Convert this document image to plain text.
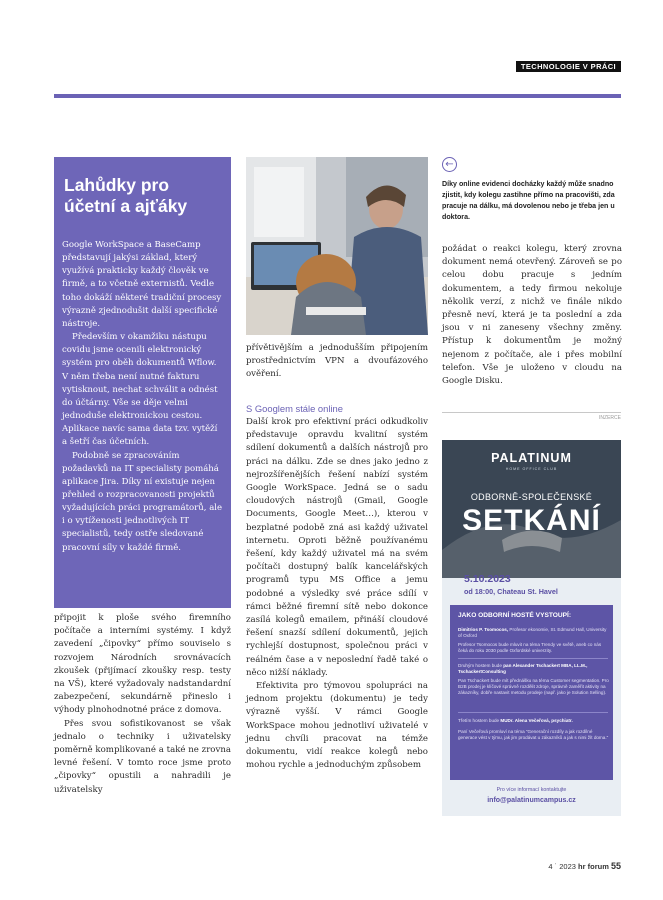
TECHNOLOGIE V PRÁCI
Lahůdky pro účetní a ajťáky

Google WorkSpace a BaseCamp představují jakýsi základ, který využívá prakticky každý člověk ve firmě, a to včetně externistů. Vedle toho dokáží některé tradiční procesy výrazně zjednodušit další specifické nástroje.

Především v okamžiku nástupu covidu jsme ocenili elektronický systém pro oběh dokumentů Wflow. V něm třeba není nutné fakturu vytisknout, nechat schválit a odnést do účtárny. Vše se děje velmi jednoduše elektronickou cestou. Aplikace navíc sama data tzv. vytěží a šetří čas účetních.

Podobně se zpracováním požadavků na IT specialisty pomáhá aplikace Jira. Díky ní existuje nejen přehled o rozpracovanosti projektů vyžadujících práci programátorů, ale i o vytíženosti jednotlivých IT specialistů, tedy ostře sledované pracovní síly v každé firmě.

←
Díky online evidenci docházky každý může snadno zjistit, kdy kolegu zastihne přímo na pracovišti, zda pracuje na dálku, má dovolenou nebo je třeba jen u doktora.

připojit k ploše svého firemního počítače a interními systémy. I když zavedení „čipovky“ přímo souviselo s rozvojem Národních srovnávacích zkoušek (přijímací zkoušky resp. testy na VŠ), které vyžadovaly nadstandardní zabezpečení, sekundárně přineslo i výhody plnohodnotné práce z domova.

Přes svou sofistikovanost se však jednalo o techniky i uživatelsky poměrně komplikované a také ne zrovna levné řešení. V tomto roce jsme proto „čipovky“ opustili a nahradili je uživatelsky

přívětivějším a jednodušším připojením prostřednictvím VPN a dvoufázového ověření.

S Googlem stále online

Další krok pro efektivní práci odkudkoliv představuje opravdu kvalitní systém sdílení dokumentů a dalších nástrojů pro práci na dálku. Zde se dnes jako jedno z nejrozšířenějších řešení nabízí systém Google WorkSpace. Jedná se o sadu cloudových nástrojů (Gmail, Google Documents, Google Meet…), kterou v bezplatné podobě zná asi každý uživatel internetu. Oproti běžně používanému řešení, kdy každý uživatel má na svém počítači dostupný balík kancelářských programů typu MS Office a jemu podobné a výsledky své práce sdílí v rámci běžné firemní sítě nebo dokonce zasílá kolegů emailem, přináší cloudové řešení snazší sdílení dokumentů, jejich rychlejší dostupnost, společnou práci v reálném čase a v neposlední řadě také o něco nižší náklady.

Efektivita pro týmovou spolupráci na jednom projektu (dokumentu) je tedy výrazně vyšší. V rámci Google WorkSpace mohou jednotliví uživatelé v jednu chvíli pracovat na témže dokumentu, vidí reakce kolegů nebo mohou rychle a jednoduchým způsobem

požádat o reakci kolegu, který zrovna dokument nemá otevřený. Zároveň se po celou dobu pracuje s jedním dokumentem, a tedy firmou nekoluje několik verzí, z nichž ve finále nikdo přesně neví, která je ta poslední a zda jsou v ni zaneseny všechny změny. Přístup k dokumentům je možný nejenom z počítače, ale i přes mobilní telefon. Vše je uloženo v cloudu na Google Disku.

INZERCE
PALATINUM
HOME OFFICE CLUB
ODBORNĚ-SPOLEČENSKÉ
SETKÁNÍ
5.10.2023
od 18:00, Chateau St. Havel
JAKO ODBORNÍ HOSTÉ VYSTOUPÍ:
Dimitrios P. Tsomocos, Profesor ekonomie, St. Edmund Hall, University of Oxford
Profesor Tsomocos bude mluvit na téma Trendy ve světě, aneb co nás čeká do roku 2030 podle Oxfordské univerzity.
Druhým hostem bude pan Alexander Tschackert MBA, LL.M., TschackertConsulting
Pan Tschackert bude mít přednášku na téma Customer segmentation. Pro B2B prodej je klíčové správně rozdělit zdroje, správně zaměřit aktivity na zákazníky, dobře nastavit metodu prodeje (např. jako je Solution Selling).
Třetím hostem bude MUDr. Alena Večeřová, psychiatr.
Paní Večeřová promluví na téma "Generační rozdíly a jak rozdílné generace vést v týmu, jak jim prodávat u zákazníků a jak s nimi žít doma."
Pro více informací kontaktujte
info@palatinumcampus.cz
4 ˙ 2023 hr forum 55
